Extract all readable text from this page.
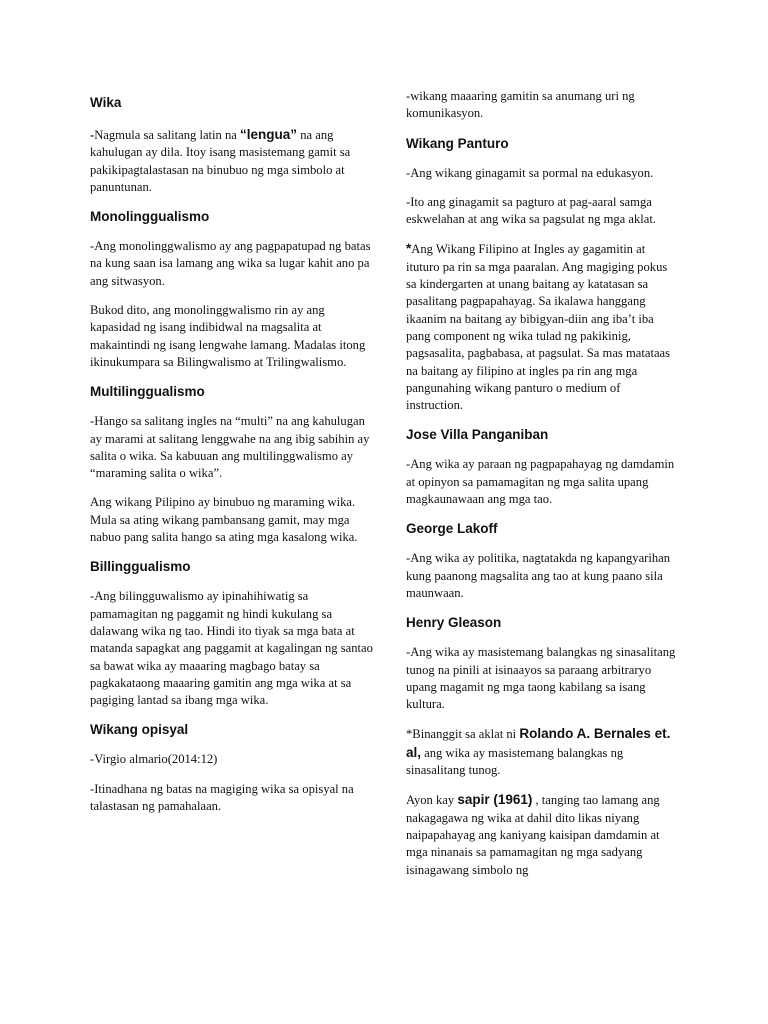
Wika

-Nagmula sa salitang latin na “lengua” na ang kahulugan ay dila. Itoy isang masistemang gamit sa pakikipagtalastasan na binubuo ng mga simbolo at panuntunan.

Monolinggualismo

-Ang monolinggwalismo ay ang pagpapatupad ng batas na kung saan isa lamang ang wika sa lugar kahit ano pa ang sitwasyon.

Bukod dito, ang monolinggwalismo rin ay ang kapasidad ng isang indibidwal na magsalita at makaintindi ng isang lengwahe lamang. Madalas itong ikinukumpara sa Bilingwalismo at Trilingwalismo.

Multilinggualismo

-Hango sa salitang ingles na “multi” na ang kahulugan ay marami at salitang lenggwahe na ang ibig sabihin ay salita o wika. Sa kabuuan ang multilinggwalismo ay “maraming salita o wika”.

Ang wikang Pilipino ay binubuo ng maraming wika. Mula sa ating wikang pambansang gamit, may mga nabuo pang salita hango sa ating mga kasalong wika.

Billinggualismo

-Ang bilingguwalismo ay ipinahihiwatig sa pamamagitan ng paggamit ng hindi kukulang sa dalawang wika ng tao. Hindi ito tiyak sa mga bata at matanda sapagkat ang paggamit at kagalingan ng santao sa bawat wika ay maaaring magbago batay sa pagkakataong maaaring gamitin ang mga wika at sa pagiging lantad sa ibang mga wika.

Wikang opisyal

-Virgio almario(2014:12)

-Itinadhana ng batas na magiging wika sa opisyal na talastasan ng pamahalaan.

-wikang maaaring gamitin sa anumang uri ng komunikasyon.

Wikang Panturo

-Ang wikang ginagamit sa pormal na edukasyon.

-Ito ang ginagamit sa pagturo at pag-aaral samga eskwelahan at ang wika sa pagsulat ng mga aklat.

*Ang Wikang Filipino at Ingles ay gagamitin at ituturo pa rin sa mga paaralan. Ang magiging pokus sa kindergarten at unang baitang ay katatasan sa pasalitang pagpapahayag. Sa ikalawa hanggang ikaanim na baitang ay bibigyan-diin ang iba’t iba pang component ng wika tulad ng pakikinig, pagsasalita, pagbabasa, at pagsulat. Sa mas matataas na baitang ay filipino at ingles pa rin ang mga pangunahing wikang panturo o medium of instruction.

Jose Villa Panganiban

-Ang wika ay paraan ng pagpapahayag ng damdamin at opinyon sa pamamagitan ng mga salita upang magkaunawaan ang mga tao.

George Lakoff

-Ang wika ay politika, nagtatakda ng kapangyarihan kung paanong magsalita ang tao at kung paano sila maunwaan.

Henry Gleason

-Ang wika ay masistemang balangkas ng sinasalitang tunog na pinili at isinaayos sa paraang arbitraryo upang magamit ng mga taong kabilang sa isang kultura.

*Binanggit sa aklat ni Rolando A. Bernales et. al, ang wika ay masistemang balangkas ng sinasalitang tunog.

Ayon kay sapir (1961) , tanging tao lamang ang nakagagawa ng wika at dahil dito likas niyang naipapahayag ang kaniyang kaisipan damdamin at mga ninanais sa pamamagitan ng mga sadyang isinagawang simbolo ng
